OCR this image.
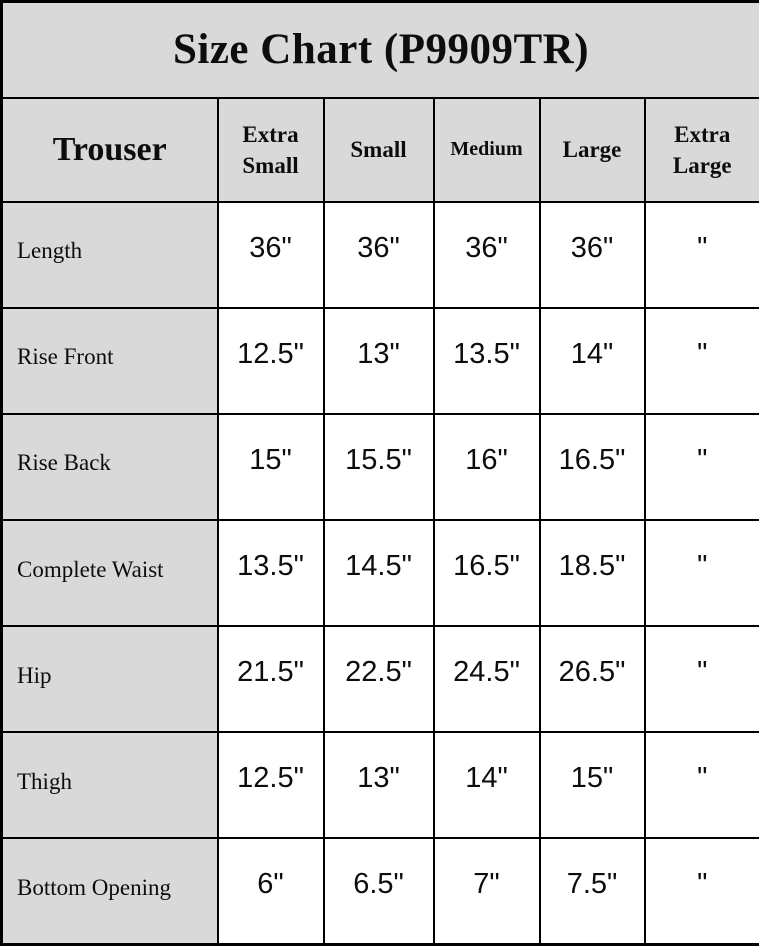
Size Chart (P9909TR)					
Trouser	Extra Small	Small	Medium	Large	Extra Large
Length	36"	36"	36"	36"	"
Rise Front	12.5"	13"	13.5"	14"	"
Rise Back	15"	15.5"	16"	16.5"	"
Complete Waist	13.5"	14.5"	16.5"	18.5"	"
Hip	21.5"	22.5"	24.5"	26.5"	"
Thigh	12.5"	13"	14"	15"	"
Bottom Opening	6"	6.5"	7"	7.5"	"
